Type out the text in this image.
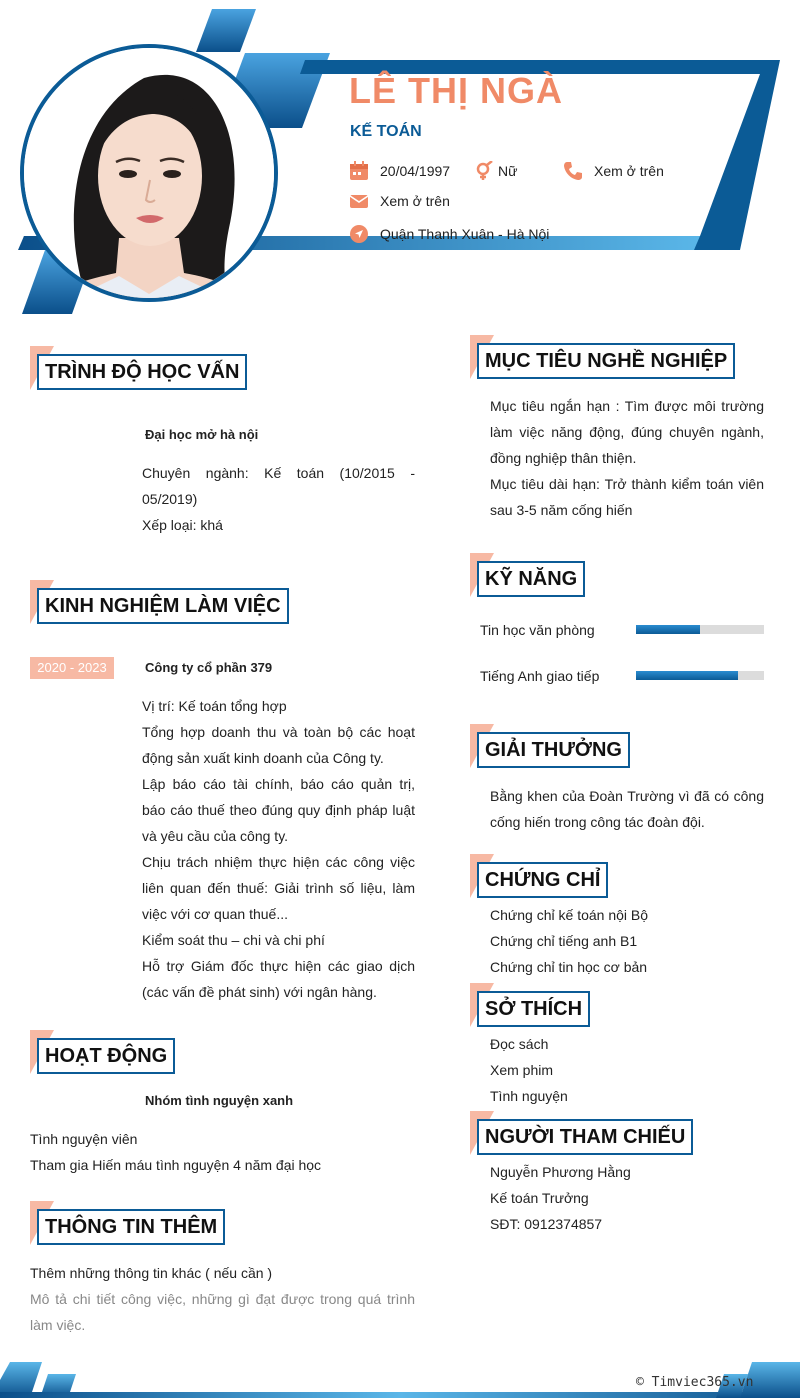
LÊ THỊ NGÀ
KẾ TOÁN
20/04/1997	Nữ	Xem ở trên
Xem ở trên
Quận Thanh Xuân - Hà Nội
TRÌNH ĐỘ HỌC VẤN
Đại học mở hà nội
Chuyên ngành: Kế toán (10/2015 - 05/2019)
Xếp loại: khá
KINH NGHIỆM LÀM VIỆC
2020 - 2023	Công ty cổ phần 379
Vị trí: Kế toán tổng hợp
Tổng hợp doanh thu và toàn bộ các hoạt động sản xuất kinh doanh của Công ty.
Lập báo cáo tài chính, báo cáo quản trị, báo cáo thuế theo đúng quy định pháp luật và yêu cầu của công ty.
Chịu trách nhiệm thực hiện các công việc liên quan đến thuế: Giải trình số liệu, làm việc với cơ quan thuế...
Kiểm soát thu – chi và chi phí
Hỗ trợ Giám đốc thực hiện các giao dịch (các vấn đề phát sinh) với ngân hàng.
HOẠT ĐỘNG
Nhóm tình nguyện xanh
Tình nguyện viên
Tham gia Hiến máu tình nguyện 4 năm đại học
THÔNG TIN THÊM
Thêm những thông tin khác ( nếu cần )
Mô tả chi tiết công việc, những gì đạt được trong quá trình làm việc.
MỤC TIÊU NGHỀ NGHIỆP
Mục tiêu ngắn hạn : Tìm được môi trường làm việc năng động, đúng chuyên ngành, đồng nghiệp thân thiện.
Mục tiêu dài hạn: Trở thành kiểm toán viên sau 3-5 năm cống hiến
KỸ NĂNG
Tin học văn phòng
Tiếng Anh giao tiếp
GIẢI THƯỞNG
Bằng khen của Đoàn Trường vì đã có công cống hiến trong công tác đoàn đội.
CHỨNG CHỈ
Chứng chỉ kế toán nội Bộ
Chứng chỉ tiếng anh B1
Chứng chỉ tin học cơ bản
SỞ THÍCH
Đọc sách
Xem phim
Tình nguyện
NGƯỜI THAM CHIẾU
Nguyễn Phương Hằng
Kế toán Trưởng
SĐT: 0912374857
© Timviec365.vn
